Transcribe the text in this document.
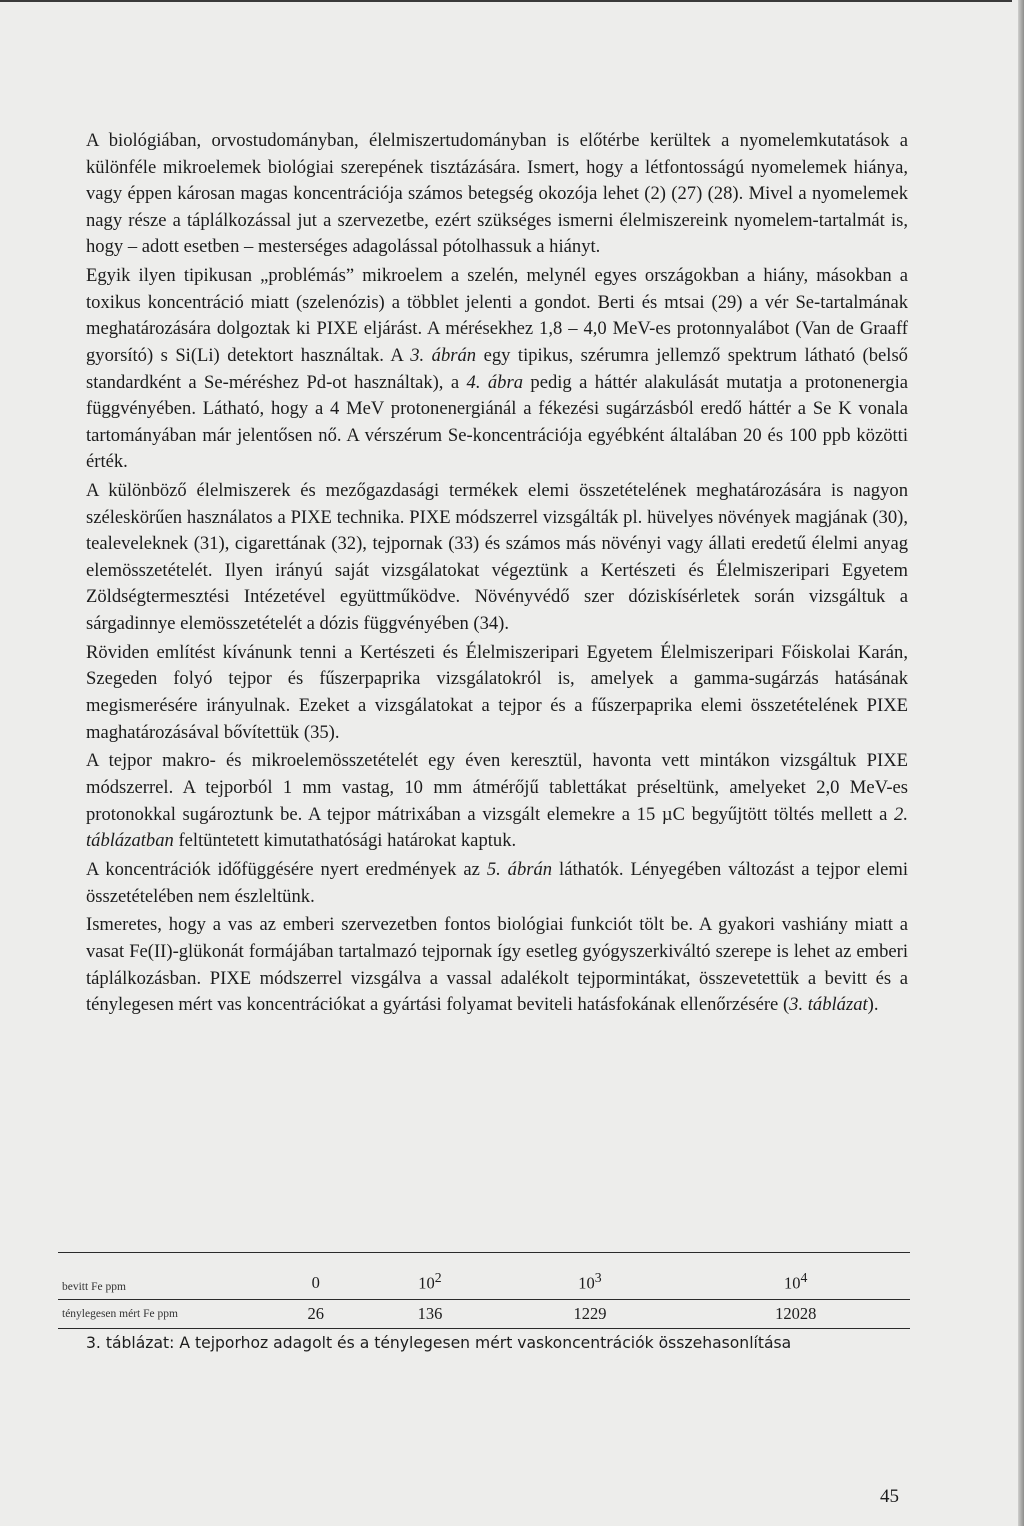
A biológiában, orvostudományban, élelmiszertudományban is előtérbe kerültek a nyomelemkutatások a különféle mikroelemek biológiai szerepének tisztázására. Ismert, hogy a létfontosságú nyomelemek hiánya, vagy éppen károsan magas koncentrációja számos betegség okozója lehet (2) (27) (28). Mivel a nyomelemek nagy része a táplálkozással jut a szervezetbe, ezért szükséges ismerni élelmiszereink nyomelem-tartalmát is, hogy – adott esetben – mesterséges adagolással pótolhassuk a hiányt.

Egyik ilyen tipikusan „problémás” mikroelem a szelén, melynél egyes országokban a hiány, másokban a toxikus koncentráció miatt (szelenózis) a többlet jelenti a gondot. Berti és mtsai (29) a vér Se-tartalmának meghatározására dolgoztak ki PIXE eljárást. A mérésekhez 1,8 – 4,0 MeV-es protonnyalábot (Van de Graaff gyorsító) s Si(Li) detektort használtak. A 3. ábrán egy tipikus, szérumra jellemző spektrum látható (belső standardként a Se-méréshez Pd-ot használtak), a 4. ábra pedig a háttér alakulását mutatja a protonenergia függvényében. Látható, hogy a 4 MeV protonenergiánál a fékezési sugárzásból eredő háttér a Se K vonala tartományában már jelentősen nő. A vérszérum Se-koncentrációja egyébként általában 20 és 100 ppb közötti érték.

A különböző élelmiszerek és mezőgazdasági termékek elemi összetételének meghatározására is nagyon széleskörűen használatos a PIXE technika. PIXE módszerrel vizsgálták pl. hüvelyes növények magjának (30), tealeveleknek (31), cigarettának (32), tejpornak (33) és számos más növényi vagy állati eredetű élelmi anyag elemösszetételét. Ilyen irányú saját vizsgálatokat végeztünk a Kertészeti és Élelmiszeripari Egyetem Zöldségtermesztési Intézetével együttműködve. Növényvédő szer dóziskísérletek során vizsgáltuk a sárgadinnye elemösszetételét a dózis függvényében (34).

Röviden említést kívánunk tenni a Kertészeti és Élelmiszeripari Egyetem Élelmiszeripari Főiskolai Karán, Szegeden folyó tejpor és fűszerpaprika vizsgálatokról is, amelyek a gamma-sugárzás hatásának megismerésére irányulnak. Ezeket a vizsgálatokat a tejpor és a fűszerpaprika elemi összetételének PIXE maghatározásával bővítettük (35).

A tejpor makro- és mikroelemösszetételét egy éven keresztül, havonta vett mintákon vizsgáltuk PIXE módszerrel. A tejporból 1 mm vastag, 10 mm átmérőjű tablettákat préseltünk, amelyeket 2,0 MeV-es protonokkal sugároztunk be. A tejpor mátrixában a vizsgált elemekre a 15 µC begyűjtött töltés mellett a 2. táblázatban feltüntetett kimutathatósági határokat kaptuk.

A koncentrációk időfüggésére nyert eredmények az 5. ábrán láthatók. Lényegében változást a tejpor elemi összetételében nem észleltünk.

Ismeretes, hogy a vas az emberi szervezetben fontos biológiai funkciót tölt be. A gyakori vashiány miatt a vasat Fe(II)-glükonát formájában tartalmazó tejpornak így esetleg gyógyszerkiváltó szerepe is lehet az emberi táplálkozásban. PIXE módszerrel vizsgálva a vassal adalékolt tejpormintákat, összevetettük a bevitt és a ténylegesen mért vas koncentrációkat a gyártási folyamat beviteli hatásfokának ellenőrzésére (3. táblázat).

bevitt Fe ppm	0	$10^2$	$10^3$	$10^4$
ténylegesen mért Fe ppm	26	136	1229	12028
3. táblázat: A tejporhoz adagolt és a ténylegesen mért vaskoncentrációk összehasonlítása
45
